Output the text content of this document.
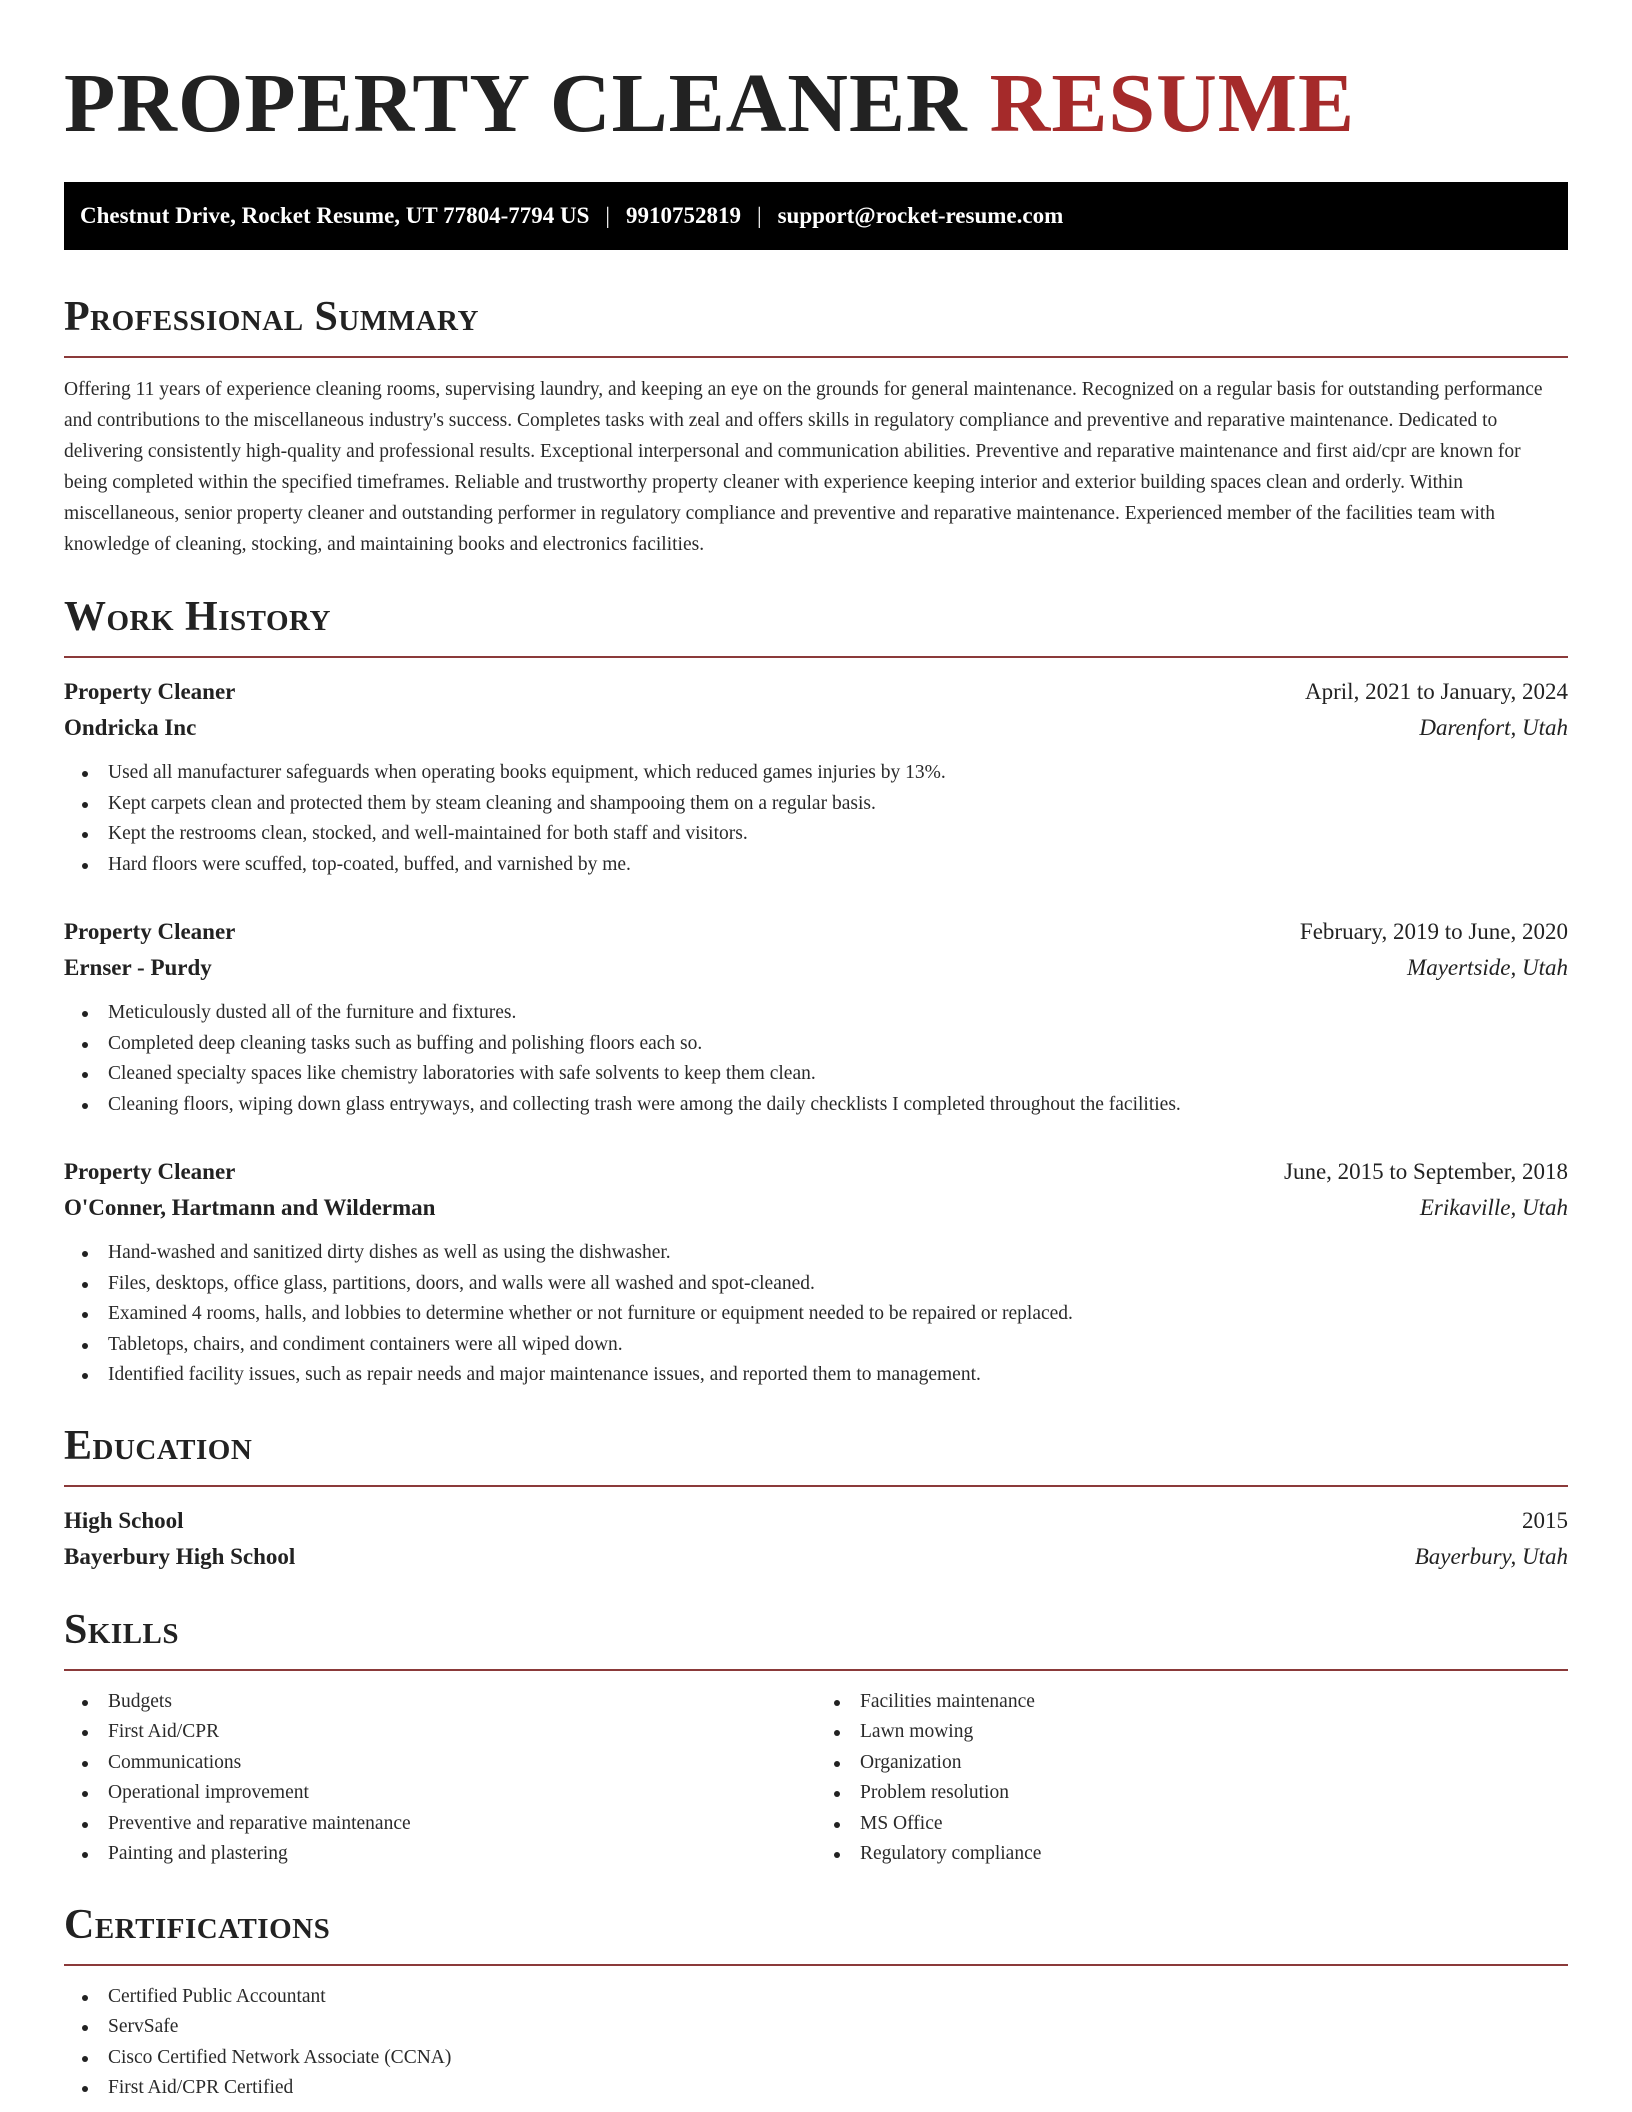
PROPERTY CLEANER RESUME
Chestnut Drive, Rocket Resume, UT 77804-7794 US | 9910752819 | support@rocket-resume.com
Professional Summary

Offering 11 years of experience cleaning rooms, supervising laundry, and keeping an eye on the grounds for general maintenance. Recognized on a regular basis for outstanding performance and contributions to the miscellaneous industry's success. Completes tasks with zeal and offers skills in regulatory compliance and preventive and reparative maintenance. Dedicated to delivering consistently high-quality and professional results. Exceptional interpersonal and communication abilities. Preventive and reparative maintenance and first aid/cpr are known for being completed within the specified timeframes. Reliable and trustworthy property cleaner with experience keeping interior and exterior building spaces clean and orderly. Within miscellaneous, senior property cleaner and outstanding performer in regulatory compliance and preventive and reparative maintenance. Experienced member of the facilities team with knowledge of cleaning, stocking, and maintaining books and electronics facilities.

Work History
Property Cleaner	April, 2021 to January, 2024
Ondricka Inc	Darenfort, Utah
Used all manufacturer safeguards when operating books equipment, which reduced games injuries by 13%.
Kept carpets clean and protected them by steam cleaning and shampooing them on a regular basis.
Kept the restrooms clean, stocked, and well-maintained for both staff and visitors.
Hard floors were scuffed, top-coated, buffed, and varnished by me.
Property Cleaner	February, 2019 to June, 2020
Ernser - Purdy	Mayertside, Utah
Meticulously dusted all of the furniture and fixtures.
Completed deep cleaning tasks such as buffing and polishing floors each so.
Cleaned specialty spaces like chemistry laboratories with safe solvents to keep them clean.
Cleaning floors, wiping down glass entryways, and collecting trash were among the daily checklists I completed throughout the facilities.
Property Cleaner	June, 2015 to September, 2018
O'Conner, Hartmann and Wilderman	Erikaville, Utah
Hand-washed and sanitized dirty dishes as well as using the dishwasher.
Files, desktops, office glass, partitions, doors, and walls were all washed and spot-cleaned.
Examined 4 rooms, halls, and lobbies to determine whether or not furniture or equipment needed to be repaired or replaced.
Tabletops, chairs, and condiment containers were all wiped down.
Identified facility issues, such as repair needs and major maintenance issues, and reported them to management.
Education
High School	2015
Bayerbury High School	Bayerbury, Utah
Skills
Budgets
First Aid/CPR
Communications
Operational improvement
Preventive and reparative maintenance
Painting and plastering
Facilities maintenance
Lawn mowing
Organization
Problem resolution
MS Office
Regulatory compliance
Certifications
Certified Public Accountant
ServSafe
Cisco Certified Network Associate (CCNA)
First Aid/CPR Certified
